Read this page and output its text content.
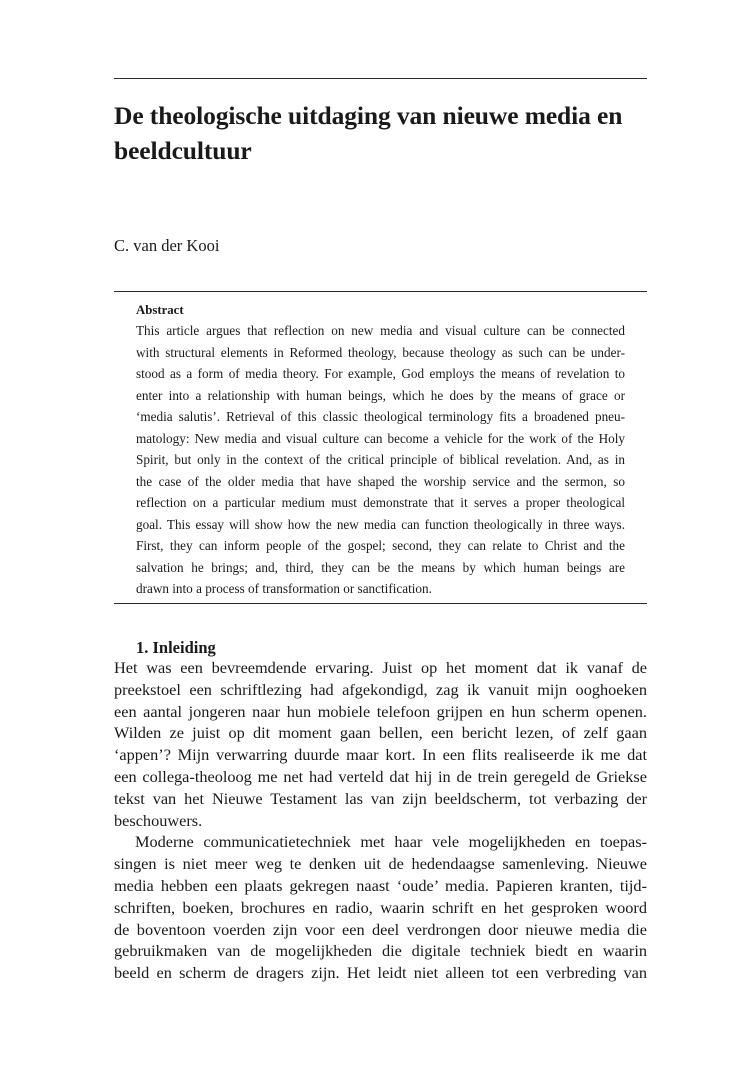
De theologische uitdaging van nieuwe media en beeldcultuur

C. van der Kooi

Abstract

This article argues that reflection on new media and visual culture can be connected
with structural elements in Reformed theology, because theology as such can be under-
stood as a form of media theory. For example, God employs the means of revelation to
enter into a relationship with human beings, which he does by the means of grace or
‘media salutis’. Retrieval of this classic theological terminology fits a broadened pneu-
matology: New media and visual culture can become a vehicle for the work of the Holy
Spirit, but only in the context of the critical principle of biblical revelation. And, as in
the case of the older media that have shaped the worship service and the sermon, so
reflection on a particular medium must demonstrate that it serves a proper theological
goal. This essay will show how the new media can function theologically in three ways.
First, they can inform people of the gospel; second, they can relate to Christ and the
salvation he brings; and, third, they can be the means by which human beings are
drawn into a process of transformation or sanctification.

1. Inleiding

Het was een bevreemdende ervaring. Juist op het moment dat ik vanaf de
preekstoel een schriftlezing had afgekondigd, zag ik vanuit mijn ooghoeken
een aantal jongeren naar hun mobiele telefoon grijpen en hun scherm openen.
Wilden ze juist op dit moment gaan bellen, een bericht lezen, of zelf gaan
‘appen’? Mijn verwarring duurde maar kort. In een flits realiseerde ik me dat
een collega-theoloog me net had verteld dat hij in de trein geregeld de Griekse
tekst van het Nieuwe Testament las van zijn beeldscherm, tot verbazing der
beschouwers.
Moderne communicatietechniek met haar vele mogelijkheden en toepas-
singen is niet meer weg te denken uit de hedendaagse samenleving. Nieuwe
media hebben een plaats gekregen naast ‘oude’ media. Papieren kranten, tijd-
schriften, boeken, brochures en radio, waarin schrift en het gesproken woord
de boventoon voerden zijn voor een deel verdrongen door nieuwe media die
gebruikmaken van de mogelijkheden die digitale techniek biedt en waarin
beeld en scherm de dragers zijn. Het leidt niet alleen tot een verbreding van
